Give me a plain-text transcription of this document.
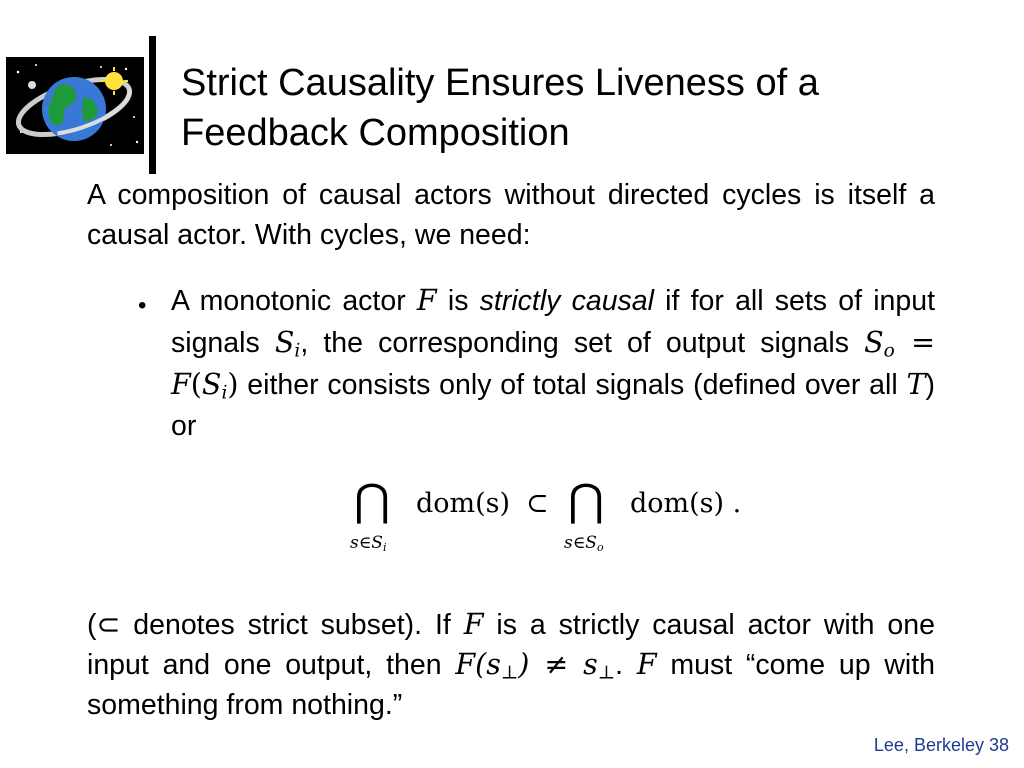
Strict Causality Ensures Liveness of a
Feedback Composition

A composition of causal actors without directed cycles is itself a causal actor. With cycles, we need:

• A monotonic actor F is strictly causal if for all sets of input signals $S_i$, the corresponding set of output signals $S_o = F(S_i)$ either consists only of total signals (defined over all T) or
⋂
$s\in S_i$
dom(s) ⊂ ⋂
$s\in S_o$
dom(s) .
(⊂ denotes strict subset). If F is a strictly causal actor with one input and one output, then $F(s_\perp) \ne s_\perp$. F must “come up with something from nothing.”
Lee, Berkeley 38
